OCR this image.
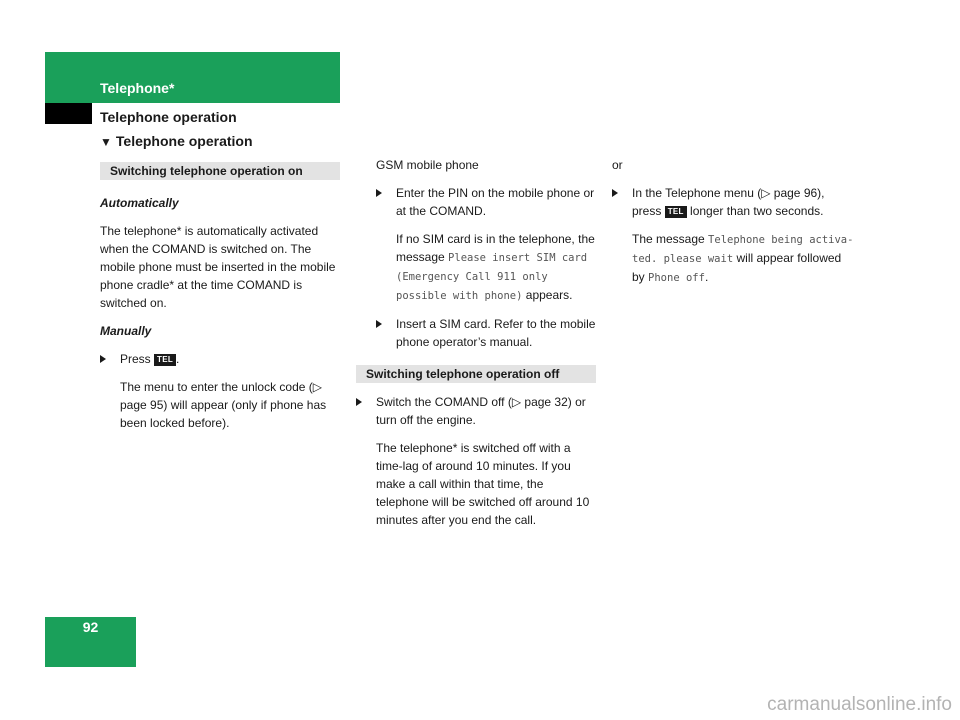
Telephone*
Telephone operation
▼ Telephone operation
Switching telephone operation on
Automatically
The telephone* is automatically activated when the COMAND is switched on. The mobile phone must be inserted in the mobile phone cradle* at the time COMAND is switched on.
Manually
Press TEL .
The menu to enter the unlock code (▷ page 95) will appear (only if phone has been locked before).
GSM mobile phone
Enter the PIN on the mobile phone or at the COMAND.
If no SIM card is in the telephone, the message Please insert SIM card (Emergency Call 911 only possible with phone) appears.
Insert a SIM card. Refer to the mobile phone operator’s manual.
Switching telephone operation off
Switch the COMAND off (▷ page 32) or turn off the engine.
The telephone* is switched off with a time-lag of around 10 minutes. If you make a call within that time, the telephone will be switched off around 10 minutes after you end the call.
or
In the Telephone menu (▷ page 96), press TEL longer than two seconds.
The message Telephone being activated. please wait will appear followed by Phone off.
92
carmanualsonline.info
